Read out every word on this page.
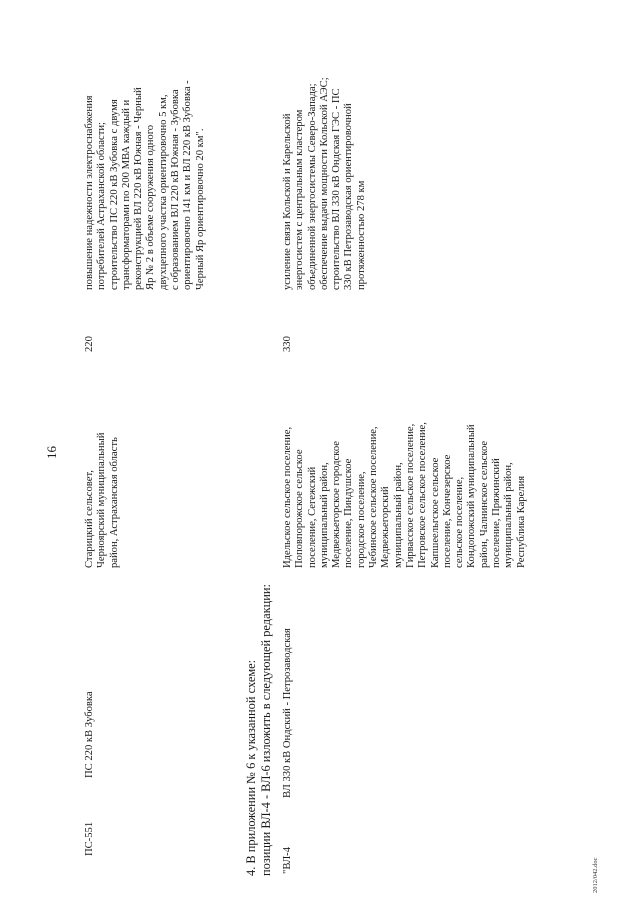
16
ПС-551
ПС 220 кВ Зубовка
Старицкий сельсовет,
Черноярский муниципальный
район, Астраханская область
220
повышение надежности электроснабжения
потребителей Астраханской области;
строительство ПС 220 кВ Зубовка с двумя
трансформаторами по 200 МВА каждый и
реконструкцией ВЛ 220 кВ Южная - Черный
Яр № 2 в объеме сооружения одного
двухцепного участка ориентировочно 5 км,
с образованием ВЛ 220 кВ Южная - Зубовка
ориентировочно 141 км и ВЛ 220 кВ Зубовка -
Черный Яр ориентировочно 20 км".
4. В приложении № 6 к указанной схеме:
позиции ВЛ-4 - ВЛ-6 изложить в следующей редакции:
"ВЛ-4
ВЛ 330 кВ Ондский - Петрозаводская
Идельское сельское поселение,
Поповпорожское сельское
поселение, Сегежский
муниципальный район,
Медвежьегорское городское
поселение, Пиндушское
городское поселение,
Чебинское сельское поселение,
Медвежьегорский
муниципальный район,
Гирвасское сельское поселение,
Петровское сельское поселение,
Капшеельгское сельское
поселение, Кончезерское
сельское поселение,
Кондопожский муниципальный
район, Чалнинское сельское
поселение, Пряжинский
муниципальный район,
Республика Карелия
330
усиление связи Кольской и Карельской
энергосистем с центральным кластером
объединенной энергосистемы Северо-Запада;
обеспечение выдачи мощности Кольской АЭС;
строительство ВЛ 330 кВ Ондская ГЭС - ПС
330 кВ Петрозаводская ориентировочной
протяженностью 278 км
2012/042.doc
